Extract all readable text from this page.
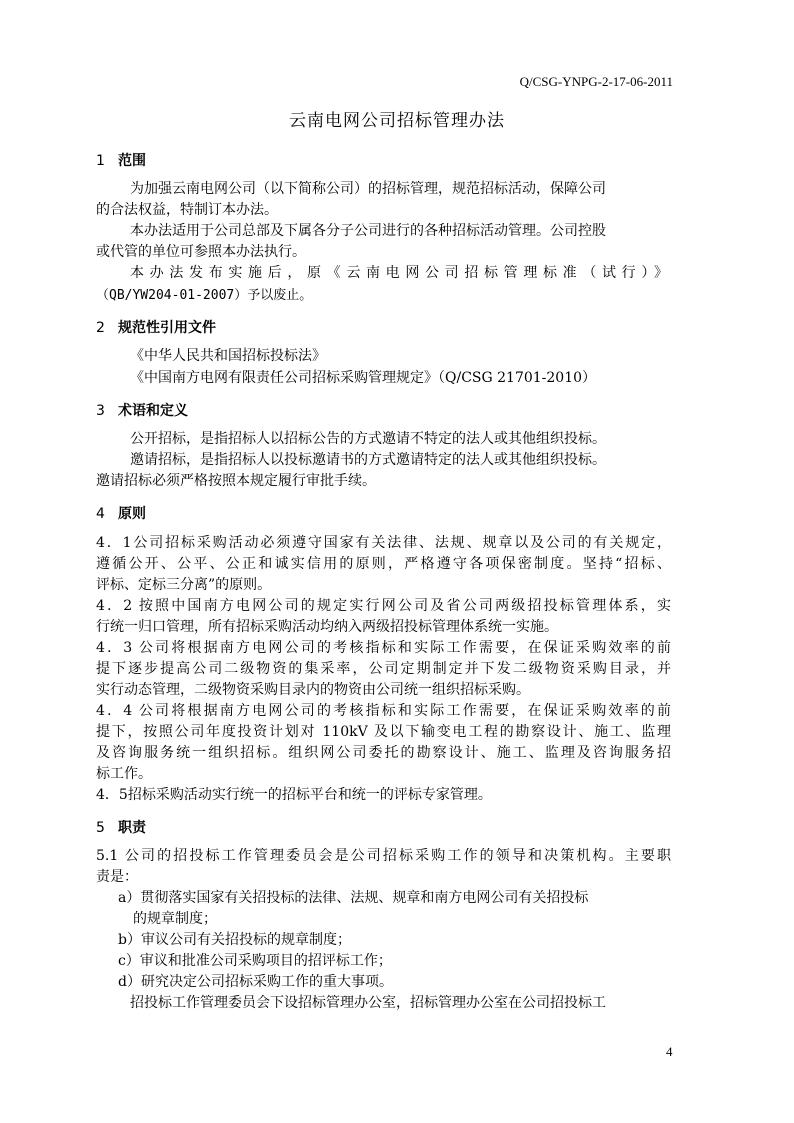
Q/CSG-YNPG-2-17-06-2011
云南电网公司招标管理办法
1 范围
为加强云南电网公司（以下简称公司）的招标管理，规范招标活动，保障公司
的合法权益，特制订本办法。
本办法适用于公司总部及下属各分子公司进行的各种招标活动管理。公司控股
或代管的单位可参照本办法执行。
本办法发布实施后，原《云南电网公司招标管理标准（试行）》
（QB/YW204-01-2007）予以废止。
2 规范性引用文件
《中华人民共和国招标投标法》
《中国南方电网有限责任公司招标采购管理规定》（Q/CSG 21701-2010）
3 术语和定义
公开招标，是指招标人以招标公告的方式邀请不特定的法人或其他组织投标。
邀请招标，是指招标人以投标邀请书的方式邀请特定的法人或其他组织投标。
邀请招标必须严格按照本规定履行审批手续。
4 原则
4．1公司招标采购活动必须遵守国家有关法律、法规、规章以及公司的有关规定，
遵循公开、公平、公正和诚实信用的原则，严格遵守各项保密制度。坚持“招标、
评标、定标三分离”的原则。
4．2 按照中国南方电网公司的规定实行网公司及省公司两级招投标管理体系，实
行统一归口管理，所有招标采购活动均纳入两级招投标管理体系统一实施。
4．3 公司将根据南方电网公司的考核指标和实际工作需要，在保证采购效率的前
提下逐步提高公司二级物资的集采率，公司定期制定并下发二级物资采购目录，并
实行动态管理，二级物资采购目录内的物资由公司统一组织招标采购。
4．4 公司将根据南方电网公司的考核指标和实际工作需要，在保证采购效率的前
提下，按照公司年度投资计划对 110kV 及以下输变电工程的勘察设计、施工、监理
及咨询服务统一组织招标。组织网公司委托的勘察设计、施工、监理及咨询服务招
标工作。
4．5招标采购活动实行统一的招标平台和统一的评标专家管理。
5 职责
5.1 公司的招投标工作管理委员会是公司招标采购工作的领导和决策机构。主要职
责是：
a）贯彻落实国家有关招投标的法律、法规、规章和南方电网公司有关招投标
的规章制度；
b）审议公司有关招投标的规章制度；
c）审议和批准公司采购项目的招评标工作；
d）研究决定公司招标采购工作的重大事项。
招投标工作管理委员会下设招标管理办公室，招标管理办公室在公司招投标工
4
